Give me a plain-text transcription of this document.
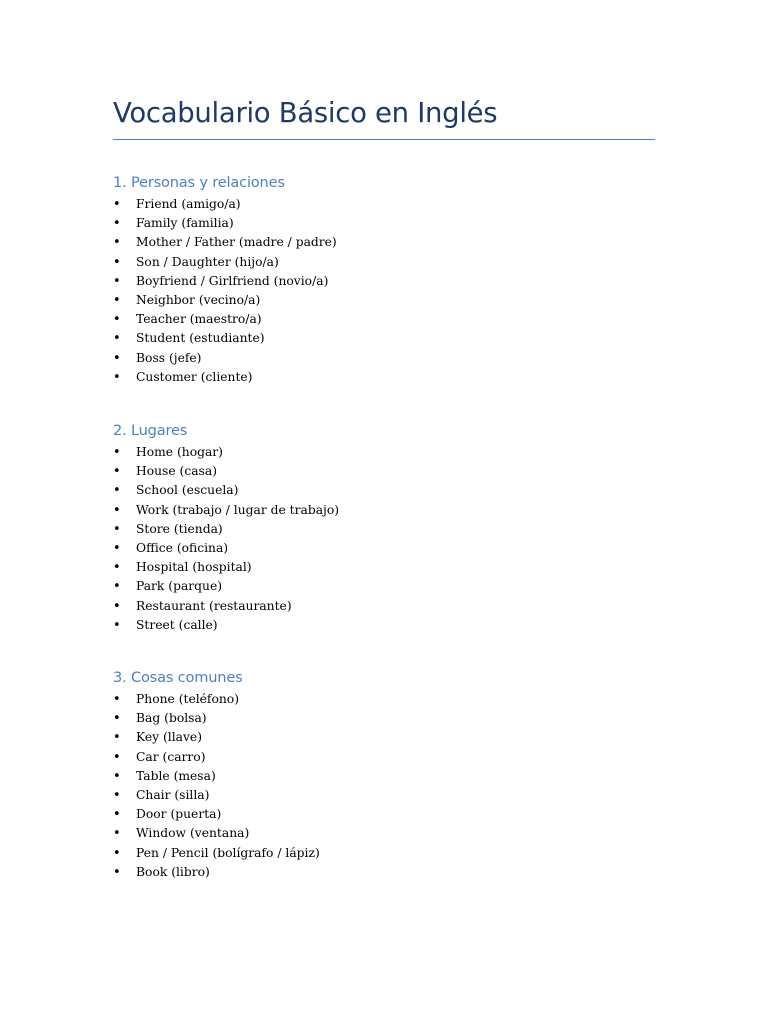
Vocabulario Básico en Inglés
1. Personas y relaciones
•	Friend (amigo/a)
•	Family (familia)
•	Mother / Father (madre / padre)
•	Son / Daughter (hijo/a)
•	Boyfriend / Girlfriend (novio/a)
•	Neighbor (vecino/a)
•	Teacher (maestro/a)
•	Student (estudiante)
•	Boss (jefe)
•	Customer (cliente)
2. Lugares
•	Home (hogar)
•	House (casa)
•	School (escuela)
•	Work (trabajo / lugar de trabajo)
•	Store (tienda)
•	Office (oficina)
•	Hospital (hospital)
•	Park (parque)
•	Restaurant (restaurante)
•	Street (calle)
3. Cosas comunes
•	Phone (teléfono)
•	Bag (bolsa)
•	Key (llave)
•	Car (carro)
•	Table (mesa)
•	Chair (silla)
•	Door (puerta)
•	Window (ventana)
•	Pen / Pencil (bolígrafo / lápiz)
•	Book (libro)
